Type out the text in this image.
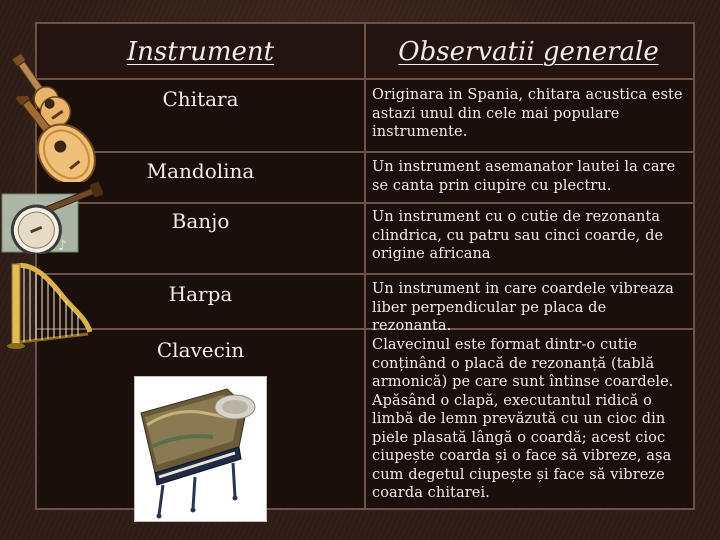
Instrument	Observatii generale
Chitara	Originara in Spania, chitara acustica este astazi unul din cele mai populare instrumente.
Mandolina	Un instrument asemanator lautei la care se canta prin ciupire cu plectru.
Banjo	Un instrument cu o cutie de rezonanta clindrica, cu patru sau cinci coarde, de origine africana
Harpa	Un instrument in care coardele vibreaza liber perpendicular pe placa de rezonanta.
Clavecin	Clavecinul este format dintr-o cutie conținând o placă de rezonanță (tablă armonică) pe care sunt întinse coardele. Apăsând o clapă, executantul ridică o limbă de lemn prevăzută cu un cioc din piele plasată lângă o coardă; acest cioc ciupește coarda și o face să vibreze, așa cum degetul ciupește și face să vibreze coarda chitarei.
♪
